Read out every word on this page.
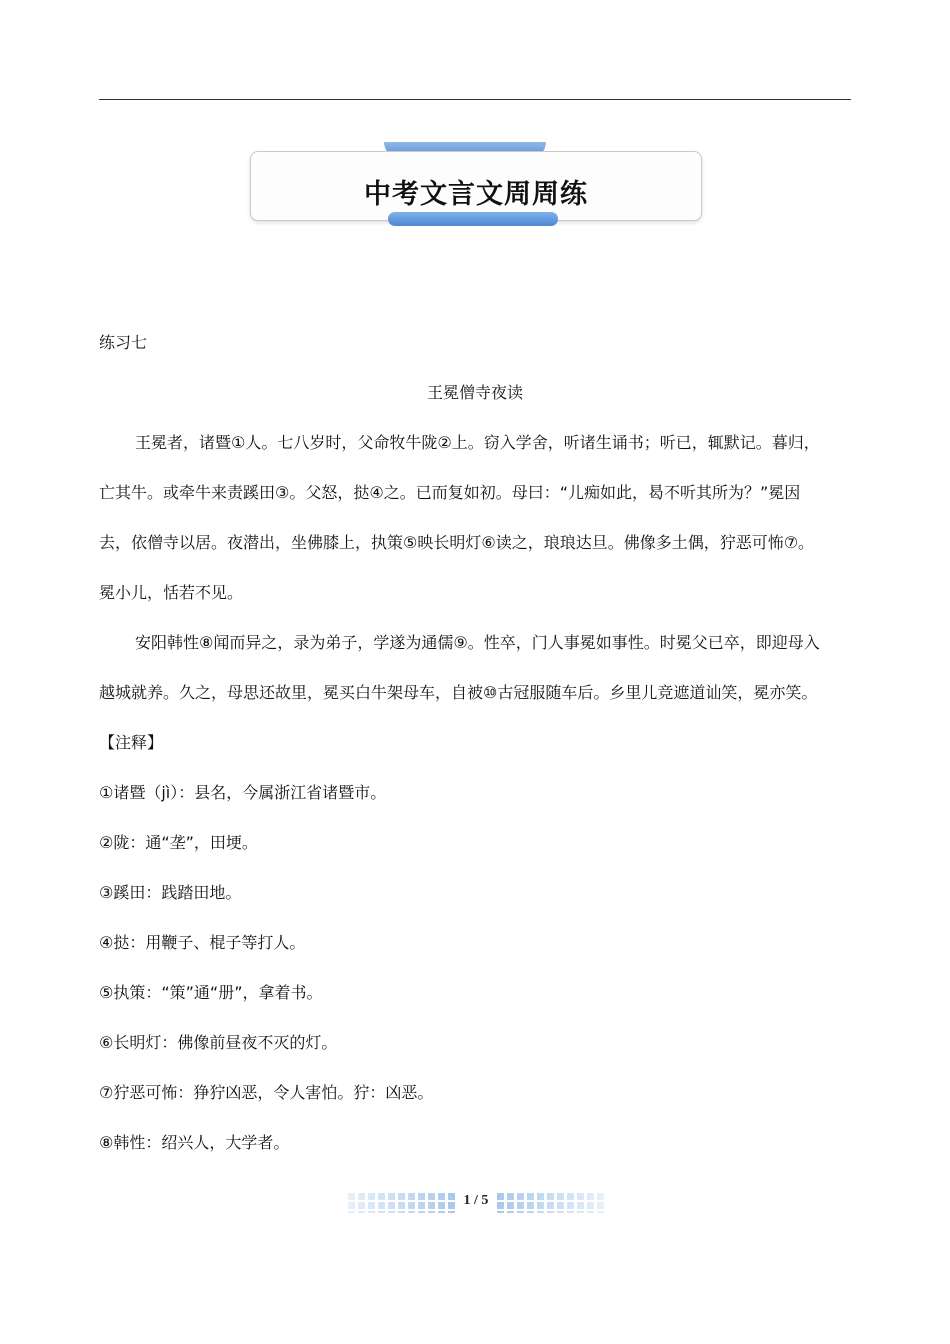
中考文言文周周练
练习七
王冕僧寺夜读
王冕者，诸暨①人。七八岁时，父命牧牛陇②上。窃入学舍，听诸生诵书；听已，辄默记。暮归，
亡其牛。或牵牛来责蹊田③。父怒，挞④之。已而复如初。母曰：“儿痴如此，曷不听其所为？”冕因
去，依僧寺以居。夜潜出，坐佛膝上，执策⑤映长明灯⑥读之，琅琅达旦。佛像多土偶，狞恶可怖⑦。
冕小儿，恬若不见。
安阳韩性⑧闻而异之，录为弟子，学遂为通儒⑨。性卒，门人事冕如事性。时冕父已卒，即迎母入
越城就养。久之，母思还故里，冕买白牛架母车，自被⑩古冠服随车后。乡里儿竞遮道讪笑，冕亦笑。
【注释】
①诸暨（jì）：县名，今属浙江省诸暨市。
②陇：通“垄”，田埂。
③蹊田：践踏田地。
④挞：用鞭子、棍子等打人。
⑤执策：“策”通“册”，拿着书。
⑥长明灯：佛像前昼夜不灭的灯。
⑦狞恶可怖：狰狞凶恶，令人害怕。狞：凶恶。
⑧韩性：绍兴人，大学者。
1 / 5
